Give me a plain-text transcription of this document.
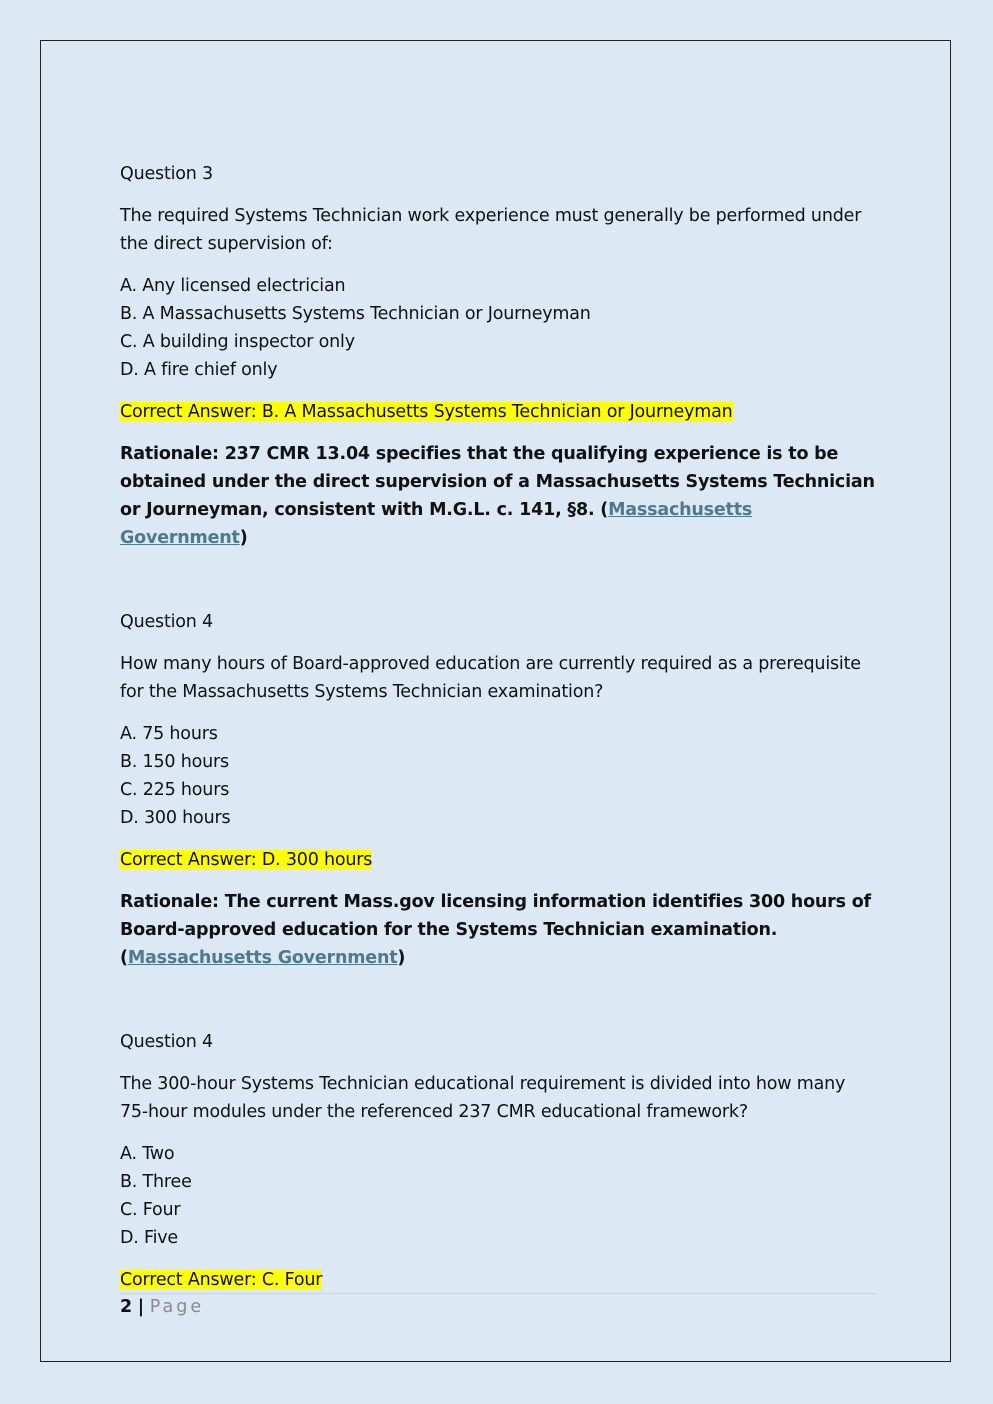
Question 3

The required Systems Technician work experience must generally be performed under the direct supervision of:

A. Any licensed electrician
B. A Massachusetts Systems Technician or Journeyman
C. A building inspector only
D. A fire chief only

Correct Answer: B. A Massachusetts Systems Technician or Journeyman

Rationale: 237 CMR 13.04 specifies that the qualifying experience is to be obtained under the direct supervision of a Massachusetts Systems Technician or Journeyman, consistent with M.G.L. c. 141, §8. (Massachusetts Government)

Question 4

How many hours of Board-approved education are currently required as a prerequisite for the Massachusetts Systems Technician examination?

A. 75 hours
B. 150 hours
C. 225 hours
D. 300 hours

Correct Answer: D. 300 hours

Rationale: The current Mass.gov licensing information identifies 300 hours of Board-approved education for the Systems Technician examination. (Massachusetts Government)

Question 4

The 300-hour Systems Technician educational requirement is divided into how many 75-hour modules under the referenced 237 CMR educational framework?

A. Two
B. Three
C. Four
D. Five

Correct Answer: C. Four

2 | Page
